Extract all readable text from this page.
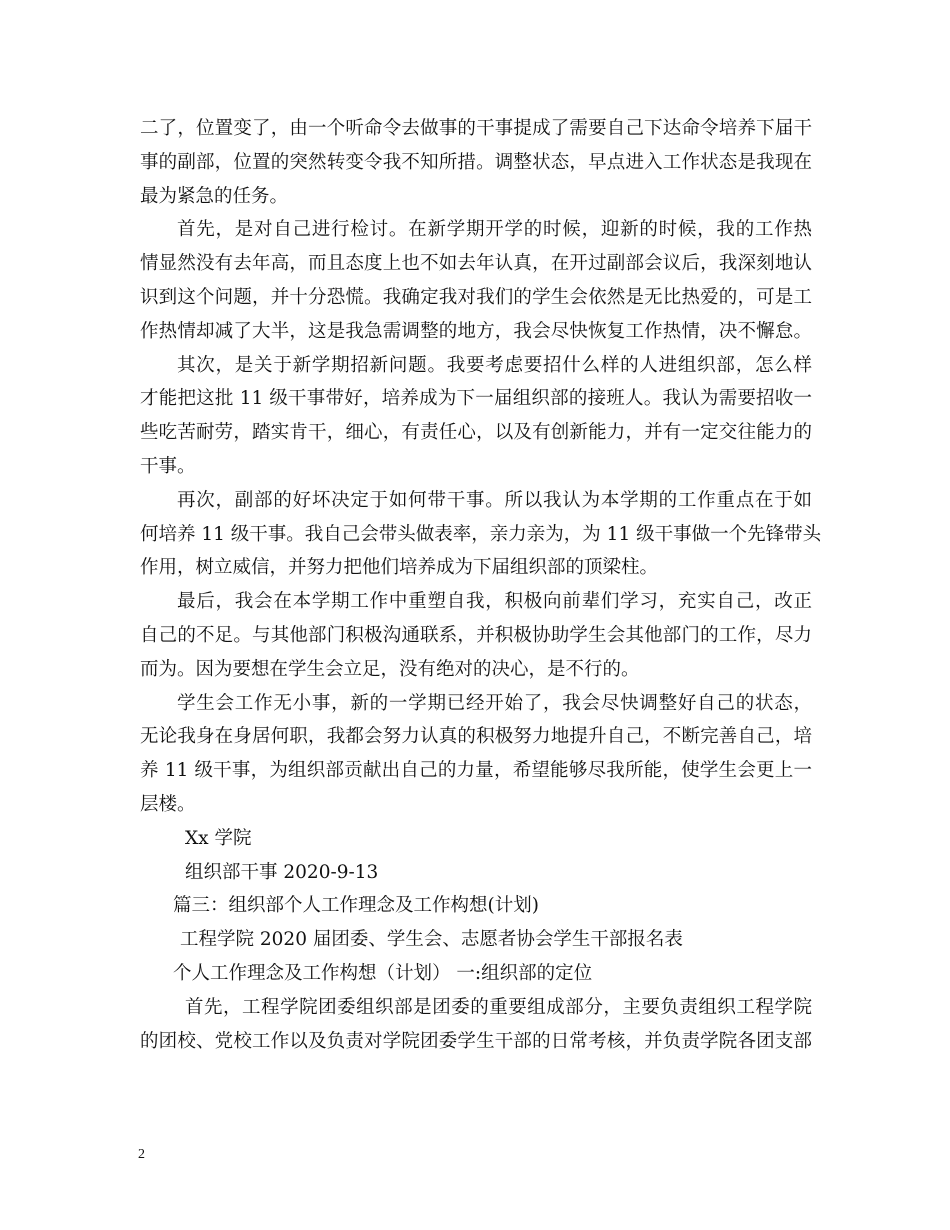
二了，位置变了，由一个听命令去做事的干事提成了需要自己下达命令培养下届干
事的副部，位置的突然转变令我不知所措。调整状态，早点进入工作状态是我现在
最为紧急的任务。
首先，是对自己进行检讨。在新学期开学的时候，迎新的时候，我的工作热
情显然没有去年高，而且态度上也不如去年认真，在开过副部会议后，我深刻地认
识到这个问题，并十分恐慌。我确定我对我们的学生会依然是无比热爱的，可是工
作热情却减了大半，这是我急需调整的地方，我会尽快恢复工作热情，决不懈怠。
其次，是关于新学期招新问题。我要考虑要招什么样的人进组织部，怎么样
才能把这批 11 级干事带好，培养成为下一届组织部的接班人。我认为需要招收一
些吃苦耐劳，踏实肯干，细心，有责任心，以及有创新能力，并有一定交往能力的
干事。
再次，副部的好坏决定于如何带干事。所以我认为本学期的工作重点在于如
何培养 11 级干事。我自己会带头做表率，亲力亲为，为 11 级干事做一个先锋带头
作用，树立威信，并努力把他们培养成为下届组织部的顶梁柱。
最后，我会在本学期工作中重塑自我，积极向前辈们学习，充实自己，改正
自己的不足。与其他部门积极沟通联系，并积极协助学生会其他部门的工作，尽力
而为。因为要想在学生会立足，没有绝对的决心，是不行的。
学生会工作无小事，新的一学期已经开始了，我会尽快调整好自己的状态，
无论我身在身居何职，我都会努力认真的积极努力地提升自己，不断完善自己，培
养 11 级干事，为组织部贡献出自己的力量，希望能够尽我所能，使学生会更上一
层楼。
Xx 学院
组织部干事 2020-9-13
篇三：组织部个人工作理念及工作构想(计划)
工程学院 2020 届团委、学生会、志愿者协会学生干部报名表
个人工作理念及工作构想（计划） 一:组织部的定位
首先，工程学院团委组织部是团委的重要组成部分，主要负责组织工程学院
的团校、党校工作以及负责对学院团委学生干部的日常考核，并负责学院各团支部
2
